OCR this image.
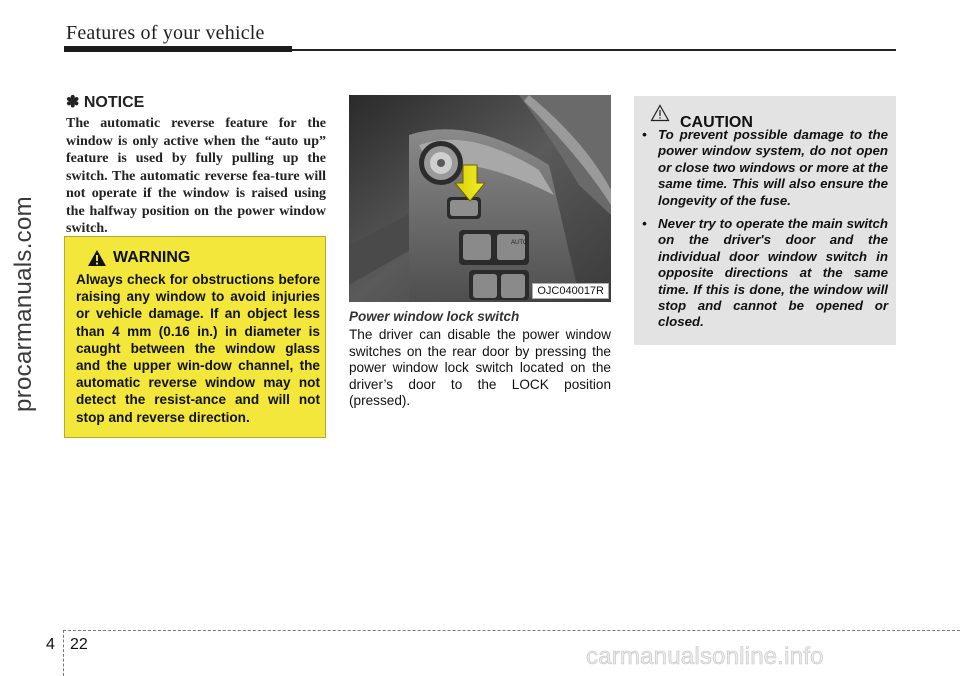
Features of your vehicle
procarmanuals.com
✽ NOTICE
The automatic reverse feature for the window is only active when the “auto up” feature is used by fully pulling up the switch. The automatic reverse fea-ture will not operate if the window is raised using the halfway position on the power window switch.
WARNING
Always check for obstructions before raising any window to avoid injuries or vehicle damage. If an object less than 4 mm (0.16 in.) in diameter is caught between the window glass and the upper win-dow channel, the automatic reverse window may not detect the resist-ance and will not stop and reverse direction.
AUTO
OJC040017R
Power window lock switch
The driver can disable the power window switches on the rear door by pressing the power window lock switch located on the driver’s door to the LOCK position (pressed).
CAUTION
• To prevent possible damage to the power window system, do not open or close two windows or more at the same time. This will also ensure the longevity of the fuse.
• Never try to operate the main switch on the driver's door and the individual door window switch in opposite directions at the same time. If this is done, the window will stop and cannot be opened or closed.
4 22	carmanualsonline.info
